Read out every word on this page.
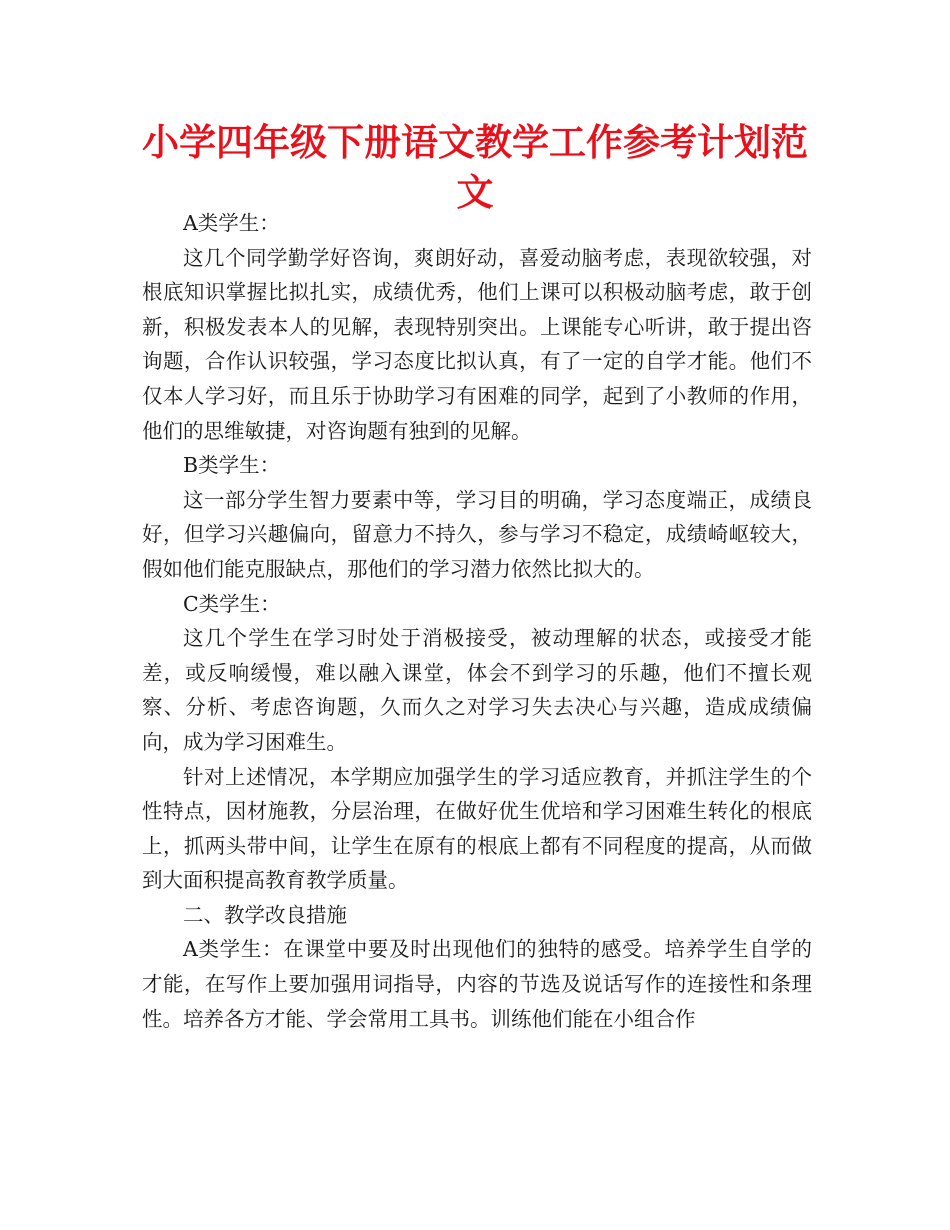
小学四年级下册语文教学工作参考计划范文

A类学生：

这几个同学勤学好咨询，爽朗好动，喜爱动脑考虑，表现欲较强，对根底知识掌握比拟扎实，成绩优秀，他们上课可以积极动脑考虑，敢于创新，积极发表本人的见解，表现特别突出。上课能专心听讲，敢于提出咨询题，合作认识较强，学习态度比拟认真，有了一定的自学才能。他们不仅本人学习好，而且乐于协助学习有困难的同学，起到了小教师的作用，他们的思维敏捷，对咨询题有独到的见解。

B类学生：

这一部分学生智力要素中等，学习目的明确，学习态度端正，成绩良好，但学习兴趣偏向，留意力不持久，参与学习不稳定，成绩崎岖较大，假如他们能克服缺点，那他们的学习潜力依然比拟大的。

C类学生：

这几个学生在学习时处于消极接受，被动理解的状态，或接受才能差，或反响缓慢，难以融入课堂，体会不到学习的乐趣，他们不擅长观察、分析、考虑咨询题，久而久之对学习失去决心与兴趣，造成成绩偏向，成为学习困难生。

针对上述情况，本学期应加强学生的学习适应教育，并抓注学生的个性特点，因材施教，分层治理，在做好优生优培和学习困难生转化的根底上，抓两头带中间，让学生在原有的根底上都有不同程度的提高，从而做到大面积提高教育教学质量。

二、教学改良措施

A类学生：在课堂中要及时出现他们的独特的感受。培养学生自学的才能，在写作上要加强用词指导，内容的节选及说话写作的连接性和条理性。培养各方才能、学会常用工具书。训练他们能在小组合作
